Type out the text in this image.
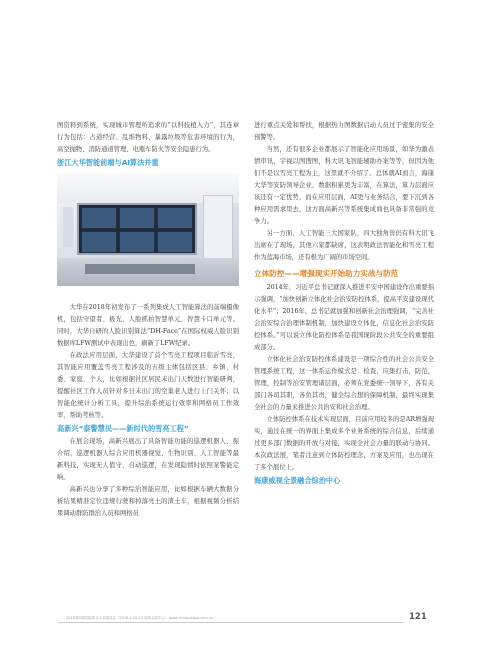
图资料到系统，实现城市管理所追求的“以科技植入力”，其连章行为包括：占道经营、乱堆物料、暴露垃圾等危害环境的行为，高空抛物、消防通道管理、电瓶车防火等安全隐患行为。

浙江大华智能前端与AI算法并重

大华在2018年初发布了一系列集成人工智能算法的前端摄像机，包括守望者、极光、人脸抓拍智慧单元、智慧卡口单元等。同时，大华自研的人脸识别算法“DH-Face”在国际权威人脸识别数据库LFW测试中表现出色，刷新了LFW纪录。

在政法应用层面，大华建设了首个雪亮工程项目临沂雪亮，其智能应用覆盖雪亮工程涉及的五级主体包括区县、乡镇、村委、家庭、个人，比如根据社区居民未出门天数进行智能研判，提醒社区工作人员针对多日未出门的空巢老人进行上门关怀；以智能化统计分析工具，提升综治系统运行效率和网格员工作效率，帮助考核等。

高新兴“泰警慧民——新时代的雪亮工程”

在展会现场，高新兴展出了具备智能功能的巡逻机器人、振介绍，巡逻机器人综合应用机器视觉、生物识别、人工智能等最新科技，实现无人值守、自动巡逻，在发现隐情时依照案警能定响。

高新兴也分享了多种综治智能应用，比如根据车辆大数据分析结果精准定位违规行驶和掉落亮土的渣土车，根据视频分析结果调动群防群治人员和网格员

进行重点关爱和帮扶，根据热力图数据启动人员过于密集的安全预警等。

当然，还有很多企业都展示了智能化应用场景，如华为激表情审讯，宇视以图搜图，科大讯飞智能辅助办案等等，但因为他们不是以雪亮工程为主，这里就不介绍了。总体就AI而言，海康大华等安防领导企业，数据积累更为丰富，在算法，算力层面应该还有一定优势，而在应用层面，AI更与业务结合，要下沉到各种应用需求里去，这方面高新兴等系统集成商也具备非常强的竞争力。

另一方面，人工智能三大国家队，四大独角兽仍有科大讯飞出席在了现场，其他六家都缺席，这表明政法智能化和雪亮工程作为蓝海市场，还有极为广阔的市场空间。

立体防控——增强现实开始助力实战与防范

2014年，习近平总书记就深入推进平安中国建设作出重要指示强调，“加快创新立体化社会治安防控体系，提高平安建设现代化水平”；2016年，总书记就加强和创新社会治理强调，“完善社会治安综合治理体制机制，加快建设立体化，信息化社会治安防控体系。”可以说立体化防控体系是我国现阶段公共安全的重要组成部分。

立体化社会治安防控体系建设是一项综合性的社会公共安全管理系统工程，这一体系运作模式是：检查，应集打击，防范，管理，控制等治安管理诸层面，必须在党委统一领导下，各有关部门各司其职，各负其责，健全综合想的保障机制，最终实现集全社会的力量来推进公共治安和社会治理。

立体防控体系在技术实现层面，目前应用较多的是AR增强现实，通过在统一的界面上集成多个业务系统的综合信息，后续通过更多部门数据的开放与对接，实现全社会力量的联动与协同。本次政法展，笔者注意到立体防控理念，方案及应用，也出现在了多个展位上。

海康威视全景融合综治中心
2018第四届国际防无人机展览会《2018.4.20-22 深圳会展中心》 www.china-drone.com.cn	121
